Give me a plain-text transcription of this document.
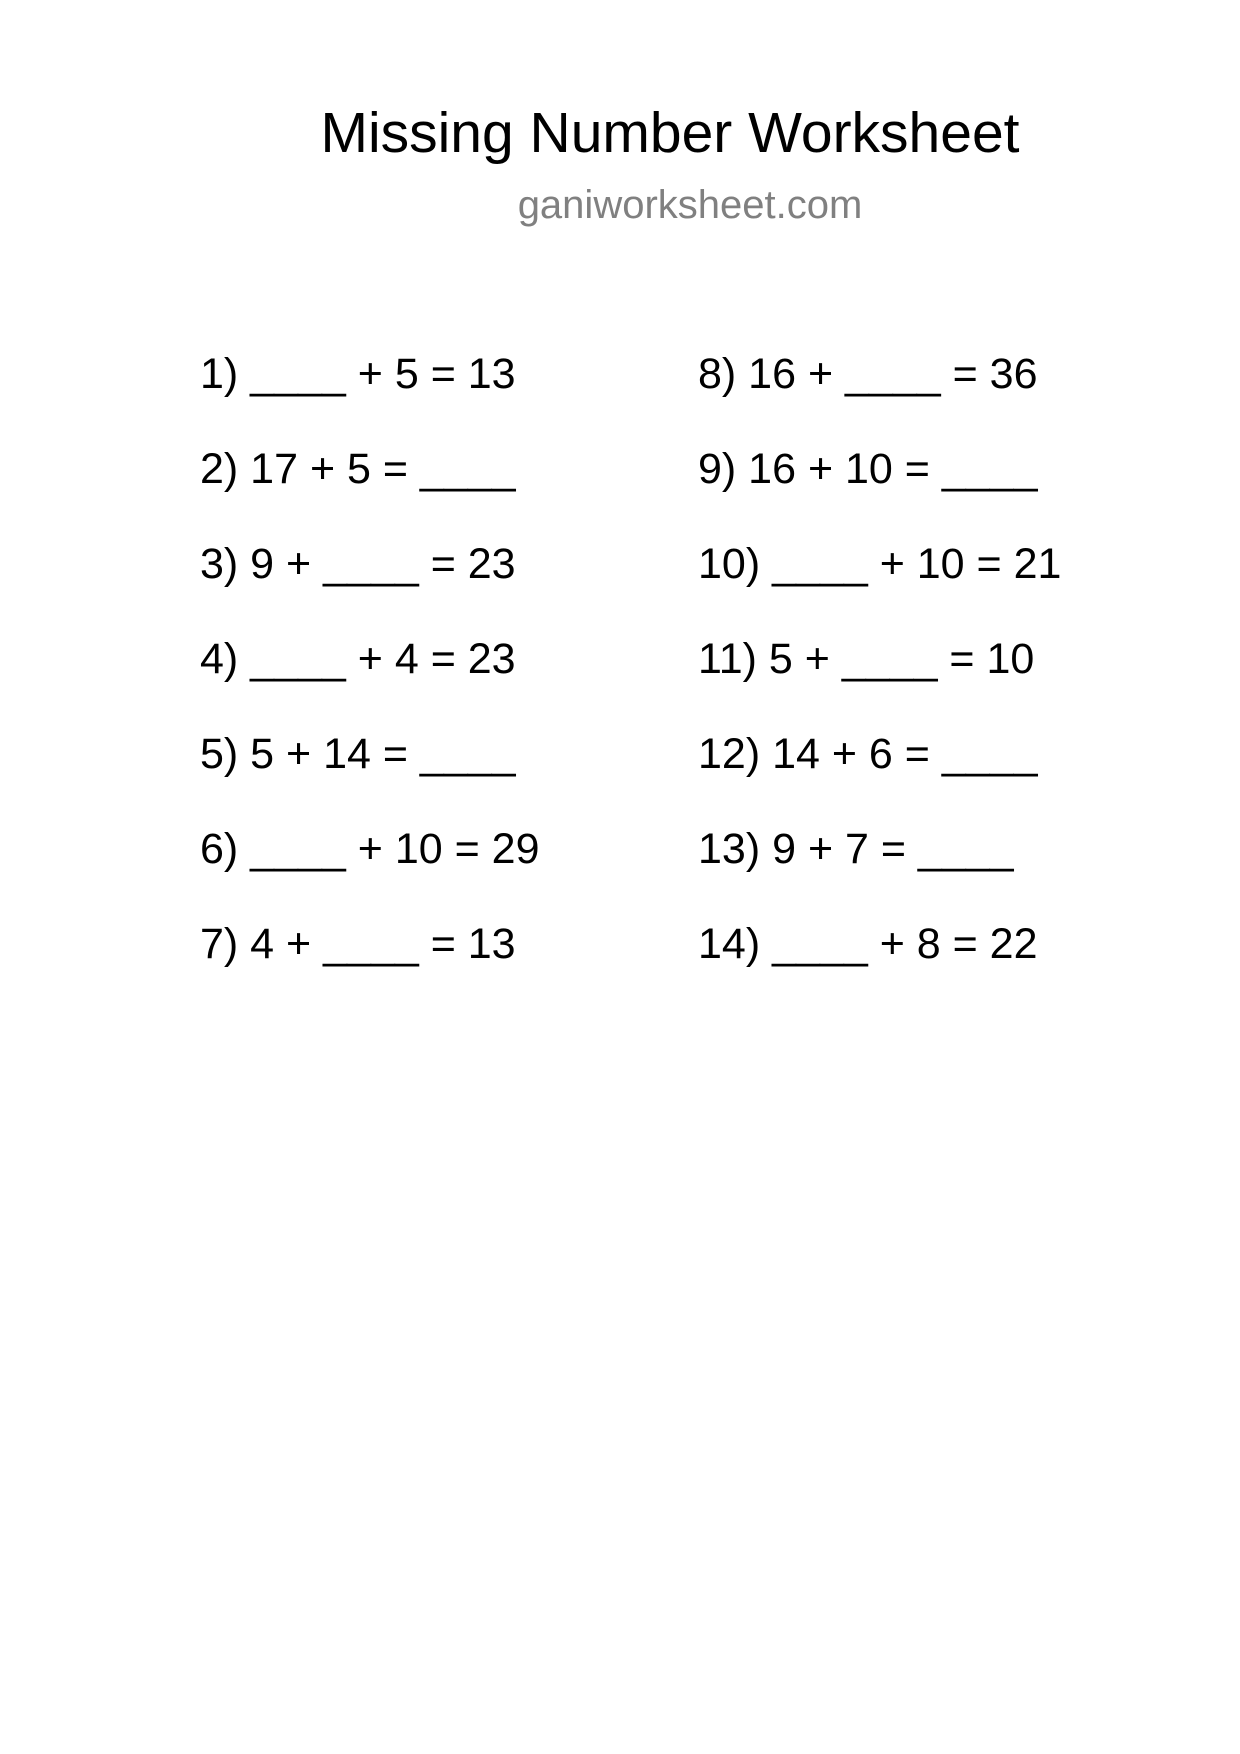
Missing Number Worksheet
ganiworksheet.com
1) ____ + 5 = 13
2) 17 + 5 = ____
3) 9 + ____ = 23
4) ____ + 4 = 23
5) 5 + 14 = ____
6) ____ + 10 = 29
7) 4 + ____ = 13
8) 16 + ____ = 36
9) 16 + 10 = ____
10) ____ + 10 = 21
11) 5 + ____ = 10
12) 14 + 6 = ____
13) 9 + 7 = ____
14) ____ + 8 = 22
